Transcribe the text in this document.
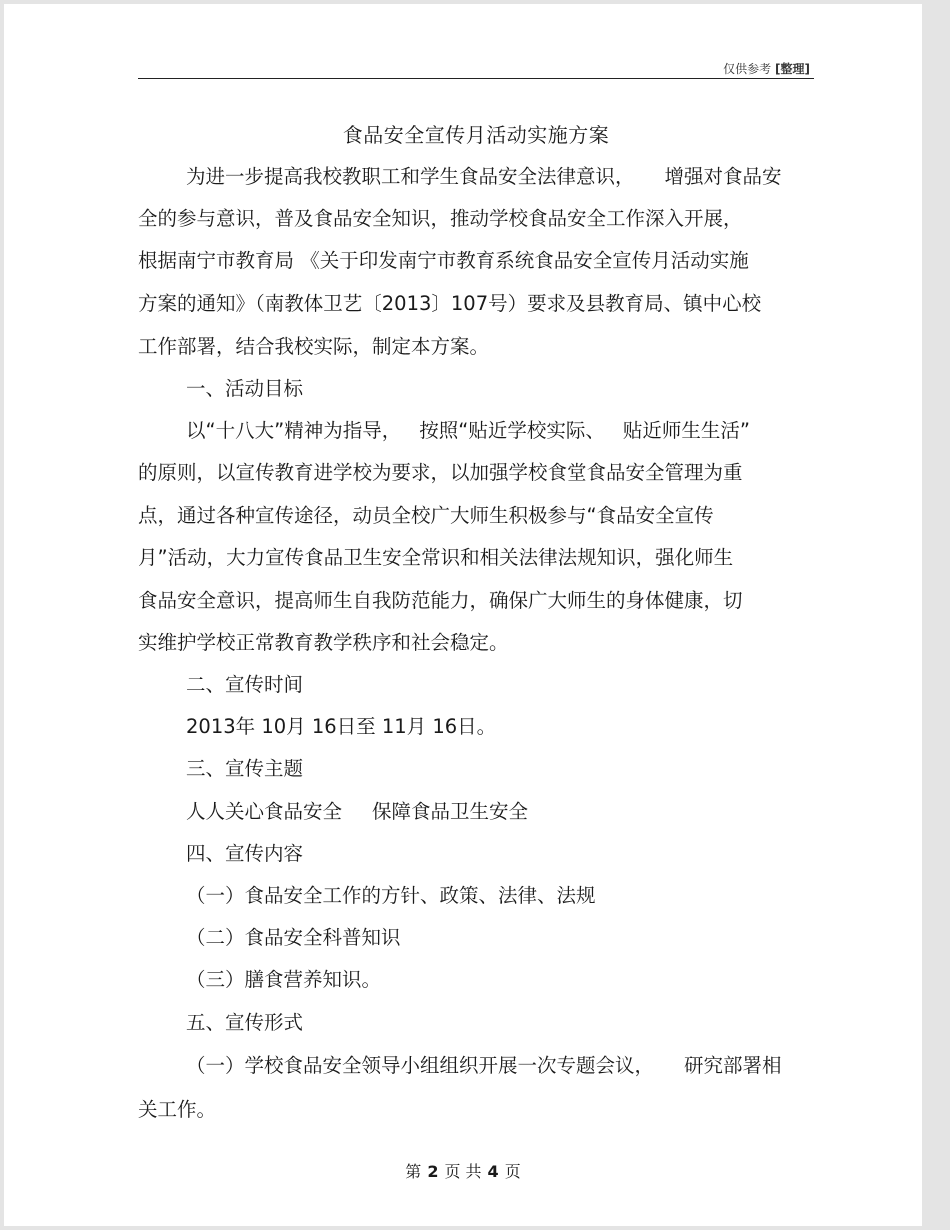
仅供参考 [整理]
食品安全宣传月活动实施方案
为进一步提高我校教职工和学生食品安全法律意识， 增强对食品安
全的参与意识，普及食品安全知识，推动学校食品安全工作深入开展，
根据南宁市教育局 《关于印发南宁市教育系统食品安全宣传月活动实施
方案的通知》（南教体卫艺〔2013〕107号）要求及县教育局、镇中心校
工作部署，结合我校实际，制定本方案。
一、活动目标
以“十八大”精神为指导， 按照“贴近学校实际、 贴近师生生活”
的原则，以宣传教育进学校为要求，以加强学校食堂食品安全管理为重
点，通过各种宣传途径，动员全校广大师生积极参与“食品安全宣传
月”活动，大力宣传食品卫生安全常识和相关法律法规知识，强化师生
食品安全意识，提高师生自我防范能力，确保广大师生的身体健康，切
实维护学校正常教育教学秩序和社会稳定。
二、宣传时间
2013年 10月 16日至 11月 16日。
三、宣传主题
人人关心食品安全 保障食品卫生安全
四、宣传内容
（一）食品安全工作的方针、政策、法律、法规
（二）食品安全科普知识
（三）膳食营养知识。
五、宣传形式
（一）学校食品安全领导小组组织开展一次专题会议， 研究部署相
关工作。
第 2 页 共 4 页
